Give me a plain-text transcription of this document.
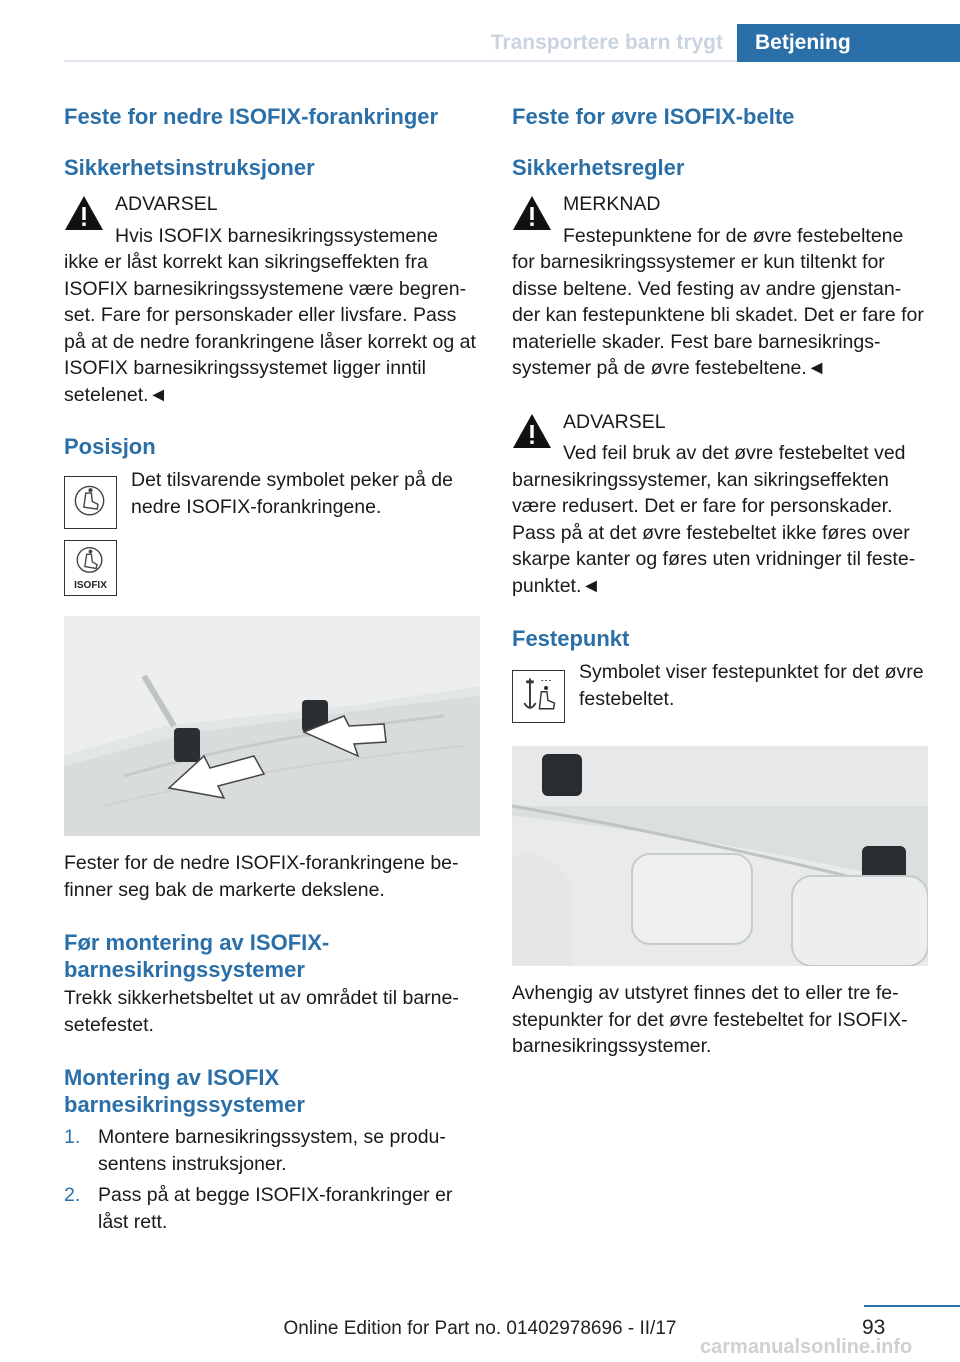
Transportere barn trygt	Betjening
Feste for nedre ISOFIX-forankringer
Sikkerhetsinstruksjoner

ADVARSEL

Hvis ISOFIX barnesikringssystemene

ikke er låst korrekt kan sikringseffekten fra ISOFIX barnesikringssystemene være begren-set. Fare for personskader eller livsfare. Pass på at de nedre forankringene låser korrekt og at ISOFIX barnesikringssystemet ligger inntil setelenet.◄

Posisjon

Det tilsvarende symbolet peker på de nedre ISOFIX-forankringene.

ISOFIX

Fester for de nedre ISOFIX-forankringene be-finner seg bak de markerte dekslene.

Før montering av ISOFIX-barnesikringssystemer

Trekk sikkerhetsbeltet ut av området til barne-setefestet.

Montering av ISOFIX barnesikringssystemer
1. Montere barnesikringssystem, se produ-sentens instruksjoner.
2. Pass på at begge ISOFIX-forankringer er låst rett.
Feste for øvre ISOFIX-belte
Sikkerhetsregler

MERKNAD

Festepunktene for de øvre festebeltene

for barnesikringssystemer er kun tiltenkt for disse beltene. Ved festing av andre gjenstan-der kan festepunktene bli skadet. Det er fare for materielle skader. Fest bare barnesikrings-systemer på de øvre festebeltene.◄

ADVARSEL

Ved feil bruk av det øvre festebeltet ved

barnesikringssystemer, kan sikringseffekten være redusert. Det er fare for personskader. Pass på at det øvre festebeltet ikke føres over skarpe kanter og føres uten vridninger til feste-punktet.◄

Festepunkt

Symbolet viser festepunktet for det øvre festebeltet.

Avhengig av utstyret finnes det to eller tre fe-stepunkter for det øvre festebeltet for ISOFIX-barnesikringssystemer.

93
Online Edition for Part no. 01402978696 - II/17
carmanualsonline.info
